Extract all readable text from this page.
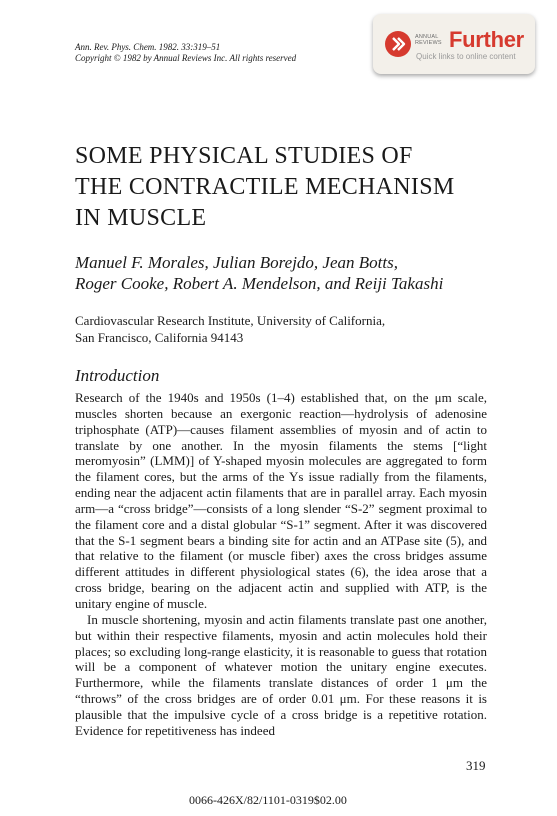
Ann. Rev. Phys. Chem. 1982. 33:319–51
Copyright © 1982 by Annual Reviews Inc. All rights reserved
ANNUAL
REVIEWS Further
Quick links to online content
SOME PHYSICAL STUDIES OF
THE CONTRACTILE MECHANISM
IN MUSCLE
Manuel F. Morales, Julian Borejdo, Jean Botts,
Roger Cooke, Robert A. Mendelson, and Reiji Takashi
Cardiovascular Research Institute, University of California,
San Francisco, California 94143
Introduction

Research of the 1940s and 1950s (1–4) established that, on the μm scale, muscles shorten because an exergonic reaction—hydrolysis of adenosine triphosphate (ATP)—causes filament assemblies of myosin and of actin to translate by one another. In the myosin filaments the stems [“light meromyosin” (LMM)] of Y-shaped myosin molecules are aggregated to form the filament cores, but the arms of the Ys issue radially from the filaments, ending near the adjacent actin filaments that are in parallel array. Each myosin arm—a “cross bridge”—consists of a long slender “S-2” segment proximal to the filament core and a distal globular “S-1” segment. After it was discovered that the S-1 segment bears a binding site for actin and an ATPase site (5), and that relative to the filament (or muscle fiber) axes the cross bridges assume different attitudes in different physiological states (6), the idea arose that a cross bridge, bearing on the adjacent actin and supplied with ATP, is the unitary engine of muscle.

In muscle shortening, myosin and actin filaments translate past one another, but within their respective filaments, myosin and actin molecules hold their places; so excluding long-range elasticity, it is reasonable to guess that rotation will be a component of whatever motion the unitary engine executes. Furthermore, while the filaments translate distances of order 1 μm the “throws” of the cross bridges are of order 0.01 μm. For these reasons it is plausible that the impulsive cycle of a cross bridge is a repetitive rotation. Evidence for repetitiveness has indeed

319
0066-426X/82/1101-0319$02.00
